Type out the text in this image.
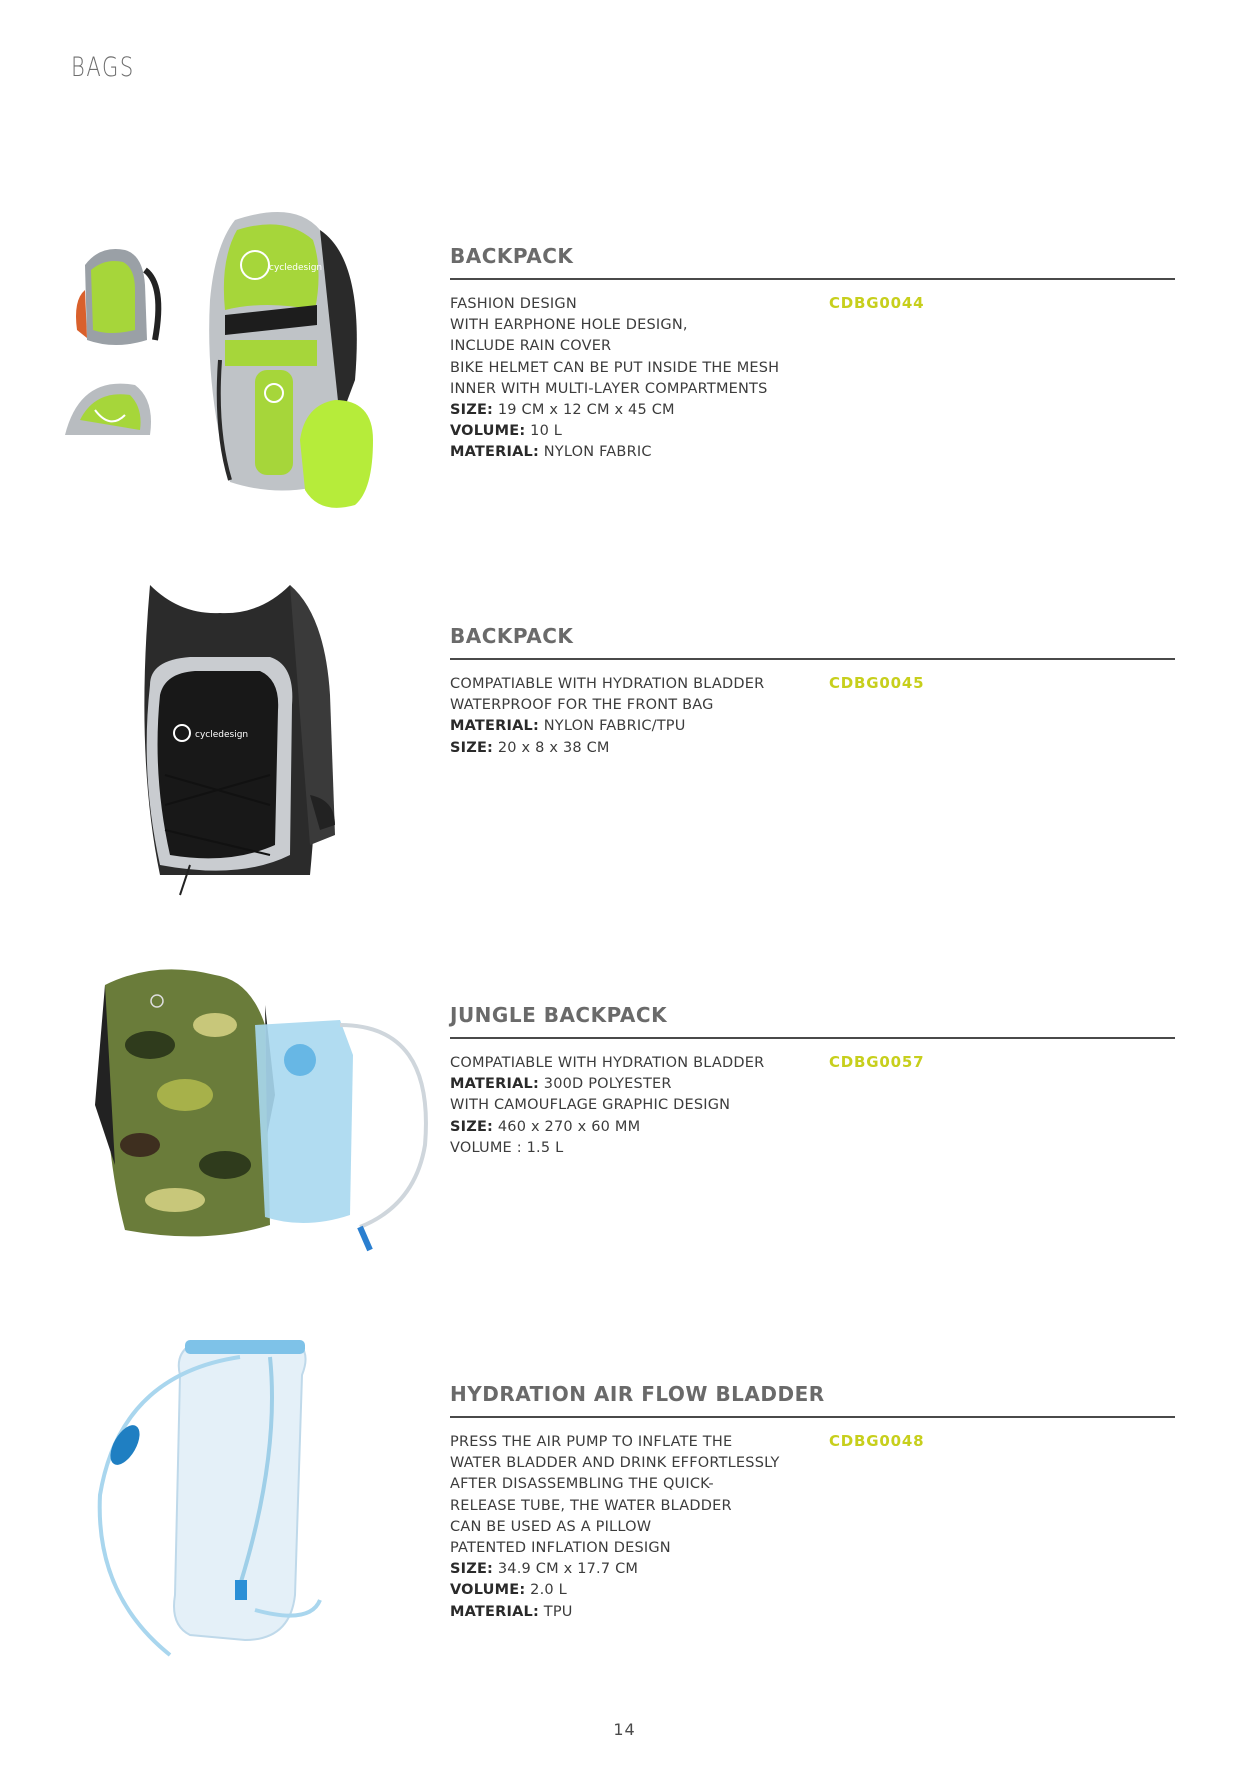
BAGS
BACKPACK
FASHION DESIGN
WITH EARPHONE HOLE DESIGN,
INCLUDE RAIN COVER
BIKE HELMET CAN BE PUT INSIDE THE MESH
INNER WITH MULTI-LAYER COMPARTMENTS
SIZE: 19 CM x 12 CM x 45 CM
VOLUME: 10 L
MATERIAL: NYLON FABRIC
CDBG0044
BACKPACK
COMPATIABLE WITH HYDRATION BLADDER
WATERPROOF FOR THE FRONT BAG
MATERIAL: NYLON FABRIC/TPU
SIZE: 20 x 8 x 38 CM
CDBG0045
JUNGLE BACKPACK
COMPATIABLE WITH HYDRATION BLADDER
MATERIAL: 300D POLYESTER
WITH CAMOUFLAGE GRAPHIC DESIGN
SIZE: 460 x 270 x 60 MM
VOLUME : 1.5 L
CDBG0057
HYDRATION AIR FLOW BLADDER
PRESS THE AIR PUMP TO INFLATE THE
WATER BLADDER AND DRINK EFFORTLESSLY
AFTER DISASSEMBLING THE QUICK-
RELEASE TUBE, THE WATER BLADDER
CAN BE USED AS A PILLOW
PATENTED INFLATION DESIGN
SIZE: 34.9 CM x 17.7 CM
VOLUME: 2.0 L
MATERIAL: TPU
CDBG0048
cycledesign
cycledesign
14
